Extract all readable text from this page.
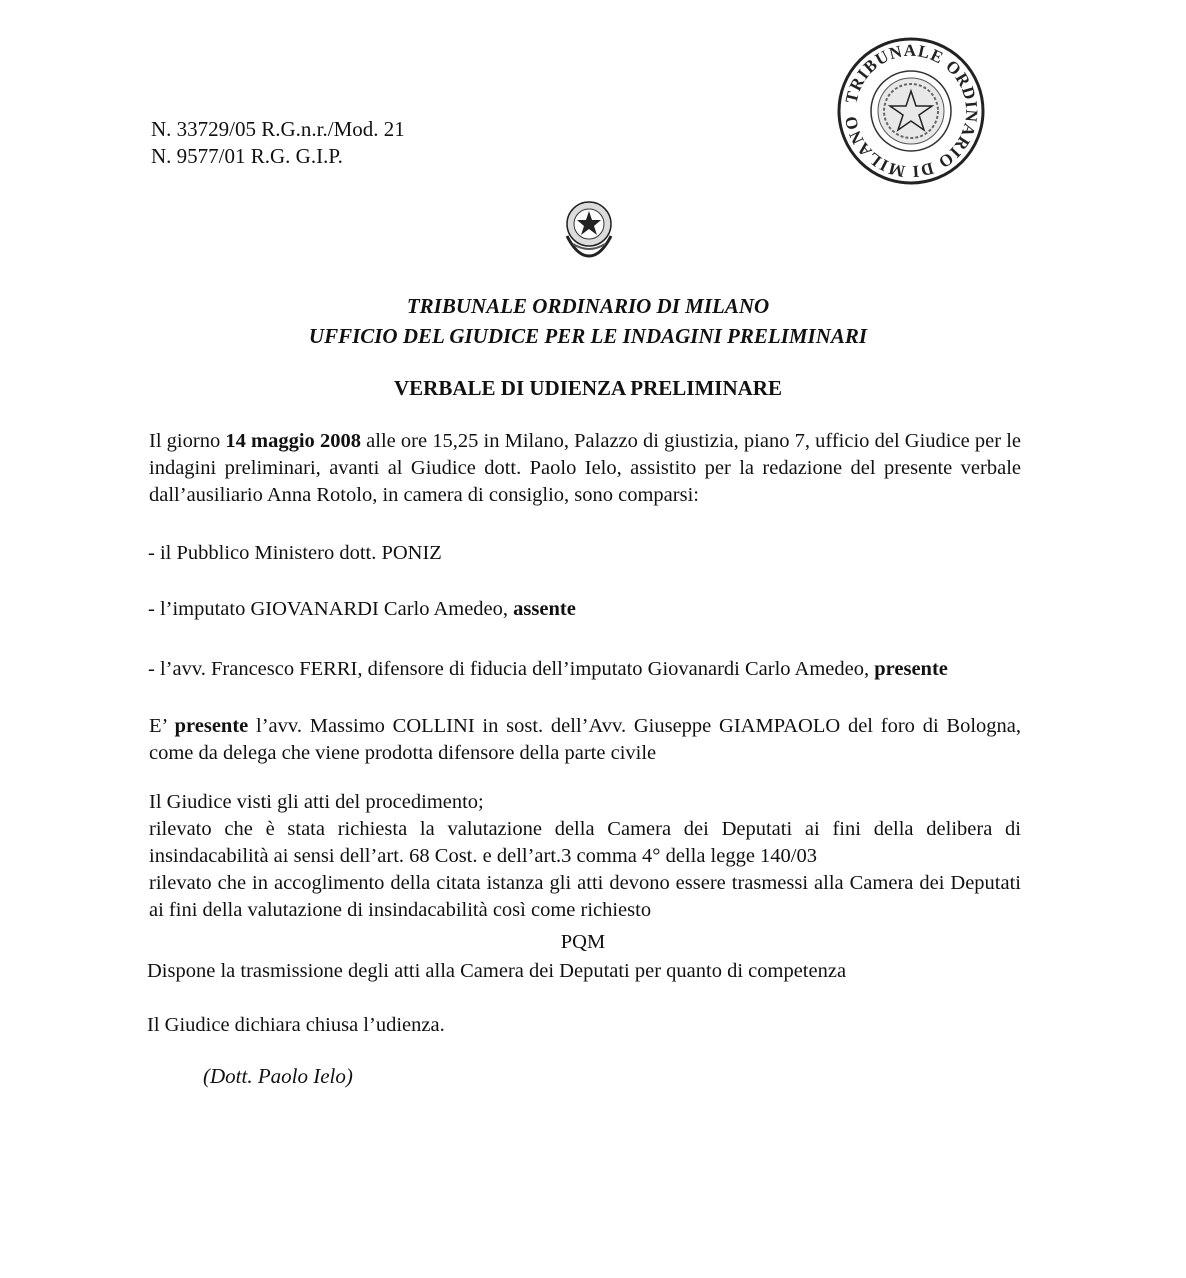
N. 33729/05 R.G.n.r./Mod. 21
N. 9577/01 R.G. G.I.P.
TRIBUNALE ORDINARIO DI MILANO
TRIBUNALE ORDINARIO DI MILANO
UFFICIO DEL GIUDICE PER LE INDAGINI PRELIMINARI
VERBALE DI UDIENZA PRELIMINARE
Il giorno 14 maggio 2008 alle ore 15,25 in Milano, Palazzo di giustizia, piano 7, ufficio del Giudice per le indagini preliminari, avanti al Giudice dott. Paolo Ielo, assistito per la redazione del presente verbale dall’ausiliario Anna Rotolo, in camera di consiglio, sono comparsi:
- il Pubblico Ministero dott. PONIZ
- l’imputato GIOVANARDI Carlo Amedeo, assente
- l’avv. Francesco FERRI, difensore di fiducia dell’imputato Giovanardi Carlo Amedeo, presente
E’ presente l’avv. Massimo COLLINI in sost. dell’Avv. Giuseppe GIAMPAOLO del foro di Bologna, come da delega che viene prodotta difensore della parte civile
Il Giudice visti gli atti del procedimento;
rilevato che è stata richiesta la valutazione della Camera dei Deputati ai fini della delibera di insindacabilità ai sensi dell’art. 68 Cost. e dell’art.3 comma 4° della legge 140/03
rilevato che in accoglimento della citata istanza gli atti devono essere trasmessi alla Camera dei Deputati ai fini della valutazione di insindacabilità così come richiesto
PQM
Dispone la trasmissione degli atti alla Camera dei Deputati per quanto di competenza
Il Giudice dichiara chiusa l’udienza.
(Dott. Paolo Ielo)
